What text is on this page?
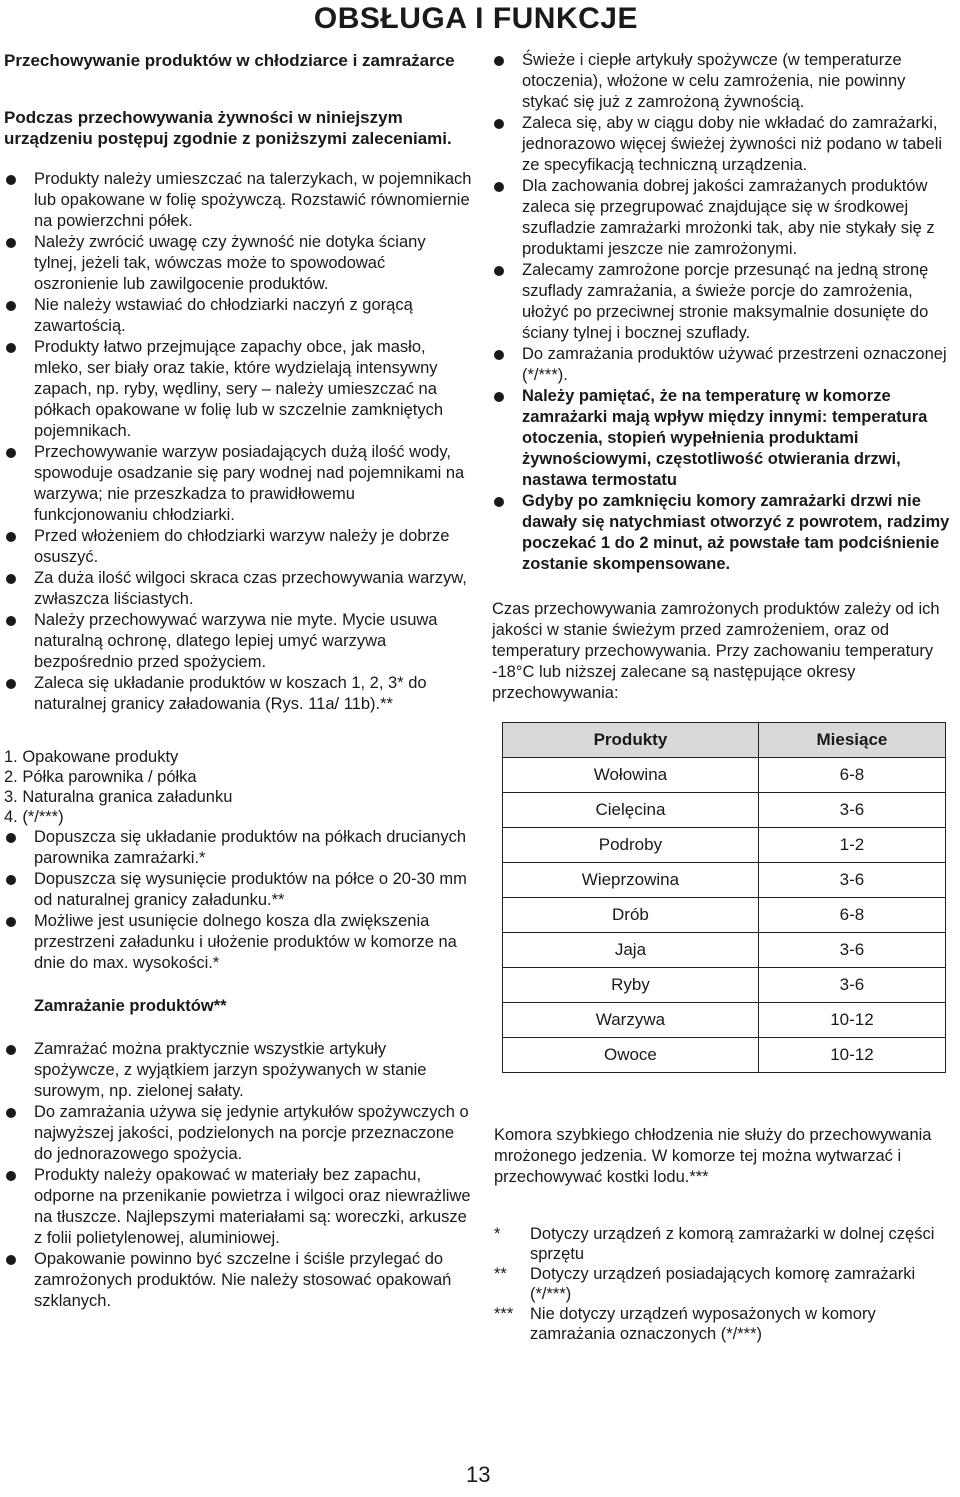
OBSŁUGA I FUNKCJE

Przechowywanie produktów w chłodziarce i zamrażarce

Podczas przechowywania żywności w niniejszym urządzeniu postępuj zgodnie z poniższymi zaleceniami.

Produkty należy umieszczać na talerzykach, w pojemnikach lub opakowane w folię spożywczą. Rozstawić równomiernie na powierzchni półek.
Należy zwrócić uwagę czy żywność nie dotyka ściany tylnej, jeżeli tak, wówczas może to spowodować oszronienie lub zawilgocenie produktów.
Nie należy wstawiać do chłodziarki naczyń z gorącą zawartością.
Produkty łatwo przejmujące zapachy obce, jak masło, mleko, ser biały oraz takie, które wydzielają intensywny zapach, np. ryby, wędliny, sery – należy umieszczać na półkach opakowane w folię lub w szczelnie zamkniętych pojemnikach.
Przechowywanie warzyw posiadających dużą ilość wody, spowoduje osadzanie się pary wodnej nad pojemnikami na warzywa; nie przeszkadza to prawidłowemu funkcjonowaniu chłodziarki.
Przed włożeniem do chłodziarki warzyw należy je dobrze osuszyć.
Za duża ilość wilgoci skraca czas przechowywania warzyw, zwłaszcza liściastych.
Należy przechowywać warzywa nie myte. Mycie usuwa naturalną ochronę, dlatego lepiej umyć warzywa bezpośrednio przed spożyciem.
Zaleca się układanie produktów w koszach 1, 2, 3* do naturalnej granicy załadowania (Rys. 11a/ 11b).**
1. Opakowane produkty
2. Półka parownika / półka
3. Naturalna granica załadunku
4. (*/***)
Dopuszcza się układanie produktów na półkach drucianych parownika zamrażarki.*
Dopuszcza się wysunięcie produktów na półce o 20-30 mm od naturalnej granicy załadunku.**
Możliwe jest usunięcie dolnego kosza dla zwiększenia przestrzeni załadunku i ułożenie produktów w komorze na dnie do max. wysokości.*
Zamrażanie produktów**
Zamrażać można praktycznie wszystkie artykuły spożywcze, z wyjątkiem jarzyn spożywanych w stanie surowym, np. zielonej sałaty.
Do zamrażania używa się jedynie artykułów spożywczych o najwyższej jakości, podzielonych na porcje przeznaczone do jednorazowego spożycia.
Produkty należy opakować w materiały bez zapachu, odporne na przenikanie powietrza i wilgoci oraz niewrażliwe na tłuszcze. Najlepszymi materiałami są: woreczki, arkusze z folii polietylenowej, aluminiowej.
Opakowanie powinno być szczelne i ściśle przylegać do zamrożonych produktów. Nie należy stosować opakowań szklanych.
Świeże i ciepłe artykuły spożywcze (w temperaturze otoczenia), włożone w celu zamrożenia, nie powinny stykać się już z zamrożoną żywnością.
Zaleca się, aby w ciągu doby nie wkładać do zamrażarki, jednorazowo więcej świeżej żywności niż podano w tabeli ze specyfikacją techniczną urządzenia.
Dla zachowania dobrej jakości zamrażanych produktów zaleca się przegrupować znajdujące się w środkowej szufladzie zamrażarki mrożonki tak, aby nie stykały się z produktami jeszcze nie zamrożonymi.
Zalecamy zamrożone porcje przesunąć na jedną stronę szuflady zamrażania, a świeże porcje do zamrożenia, ułożyć po przeciwnej stronie maksymalnie dosunięte do ściany tylnej i bocznej szuflady.
Do zamrażania produktów używać przestrzeni oznaczonej (*/***).
Należy pamiętać, że na temperaturę w komorze zamrażarki mają wpływ między innymi: temperatura otoczenia, stopień wypełnienia produktami żywnościowymi, częstotliwość otwierania drzwi, nastawa termostatu
Gdyby po zamknięciu komory zamrażarki drzwi nie dawały się natychmiast otworzyć z powrotem, radzimy poczekać 1 do 2 minut, aż powstałe tam podciśnienie zostanie skompensowane.

Czas przechowywania zamrożonych produktów zależy od ich jakości w stanie świeżym przed zamrożeniem, oraz od temperatury przechowywania. Przy zachowaniu temperatury -18°C lub niższej zalecane są następujące okresy przechowywania:

Produkty	Miesiące
Wołowina	6-8
Cielęcina	3-6
Podroby	1-2
Wieprzowina	3-6
Drób	6-8
Jaja	3-6
Ryby	3-6
Warzywa	10-12
Owoce	10-12

Komora szybkiego chłodzenia nie służy do przechowywania mrożonego jedzenia. W komorze tej można wytwarzać i przechowywać kostki lodu.***

*	Dotyczy urządzeń z komorą zamrażarki w dolnej części sprzętu
**	Dotyczy urządzeń posiadających komorę zamrażarki (*/***)
***	Nie dotyczy urządzeń wyposażonych w komory zamrażania oznaczonych (*/***)
13
